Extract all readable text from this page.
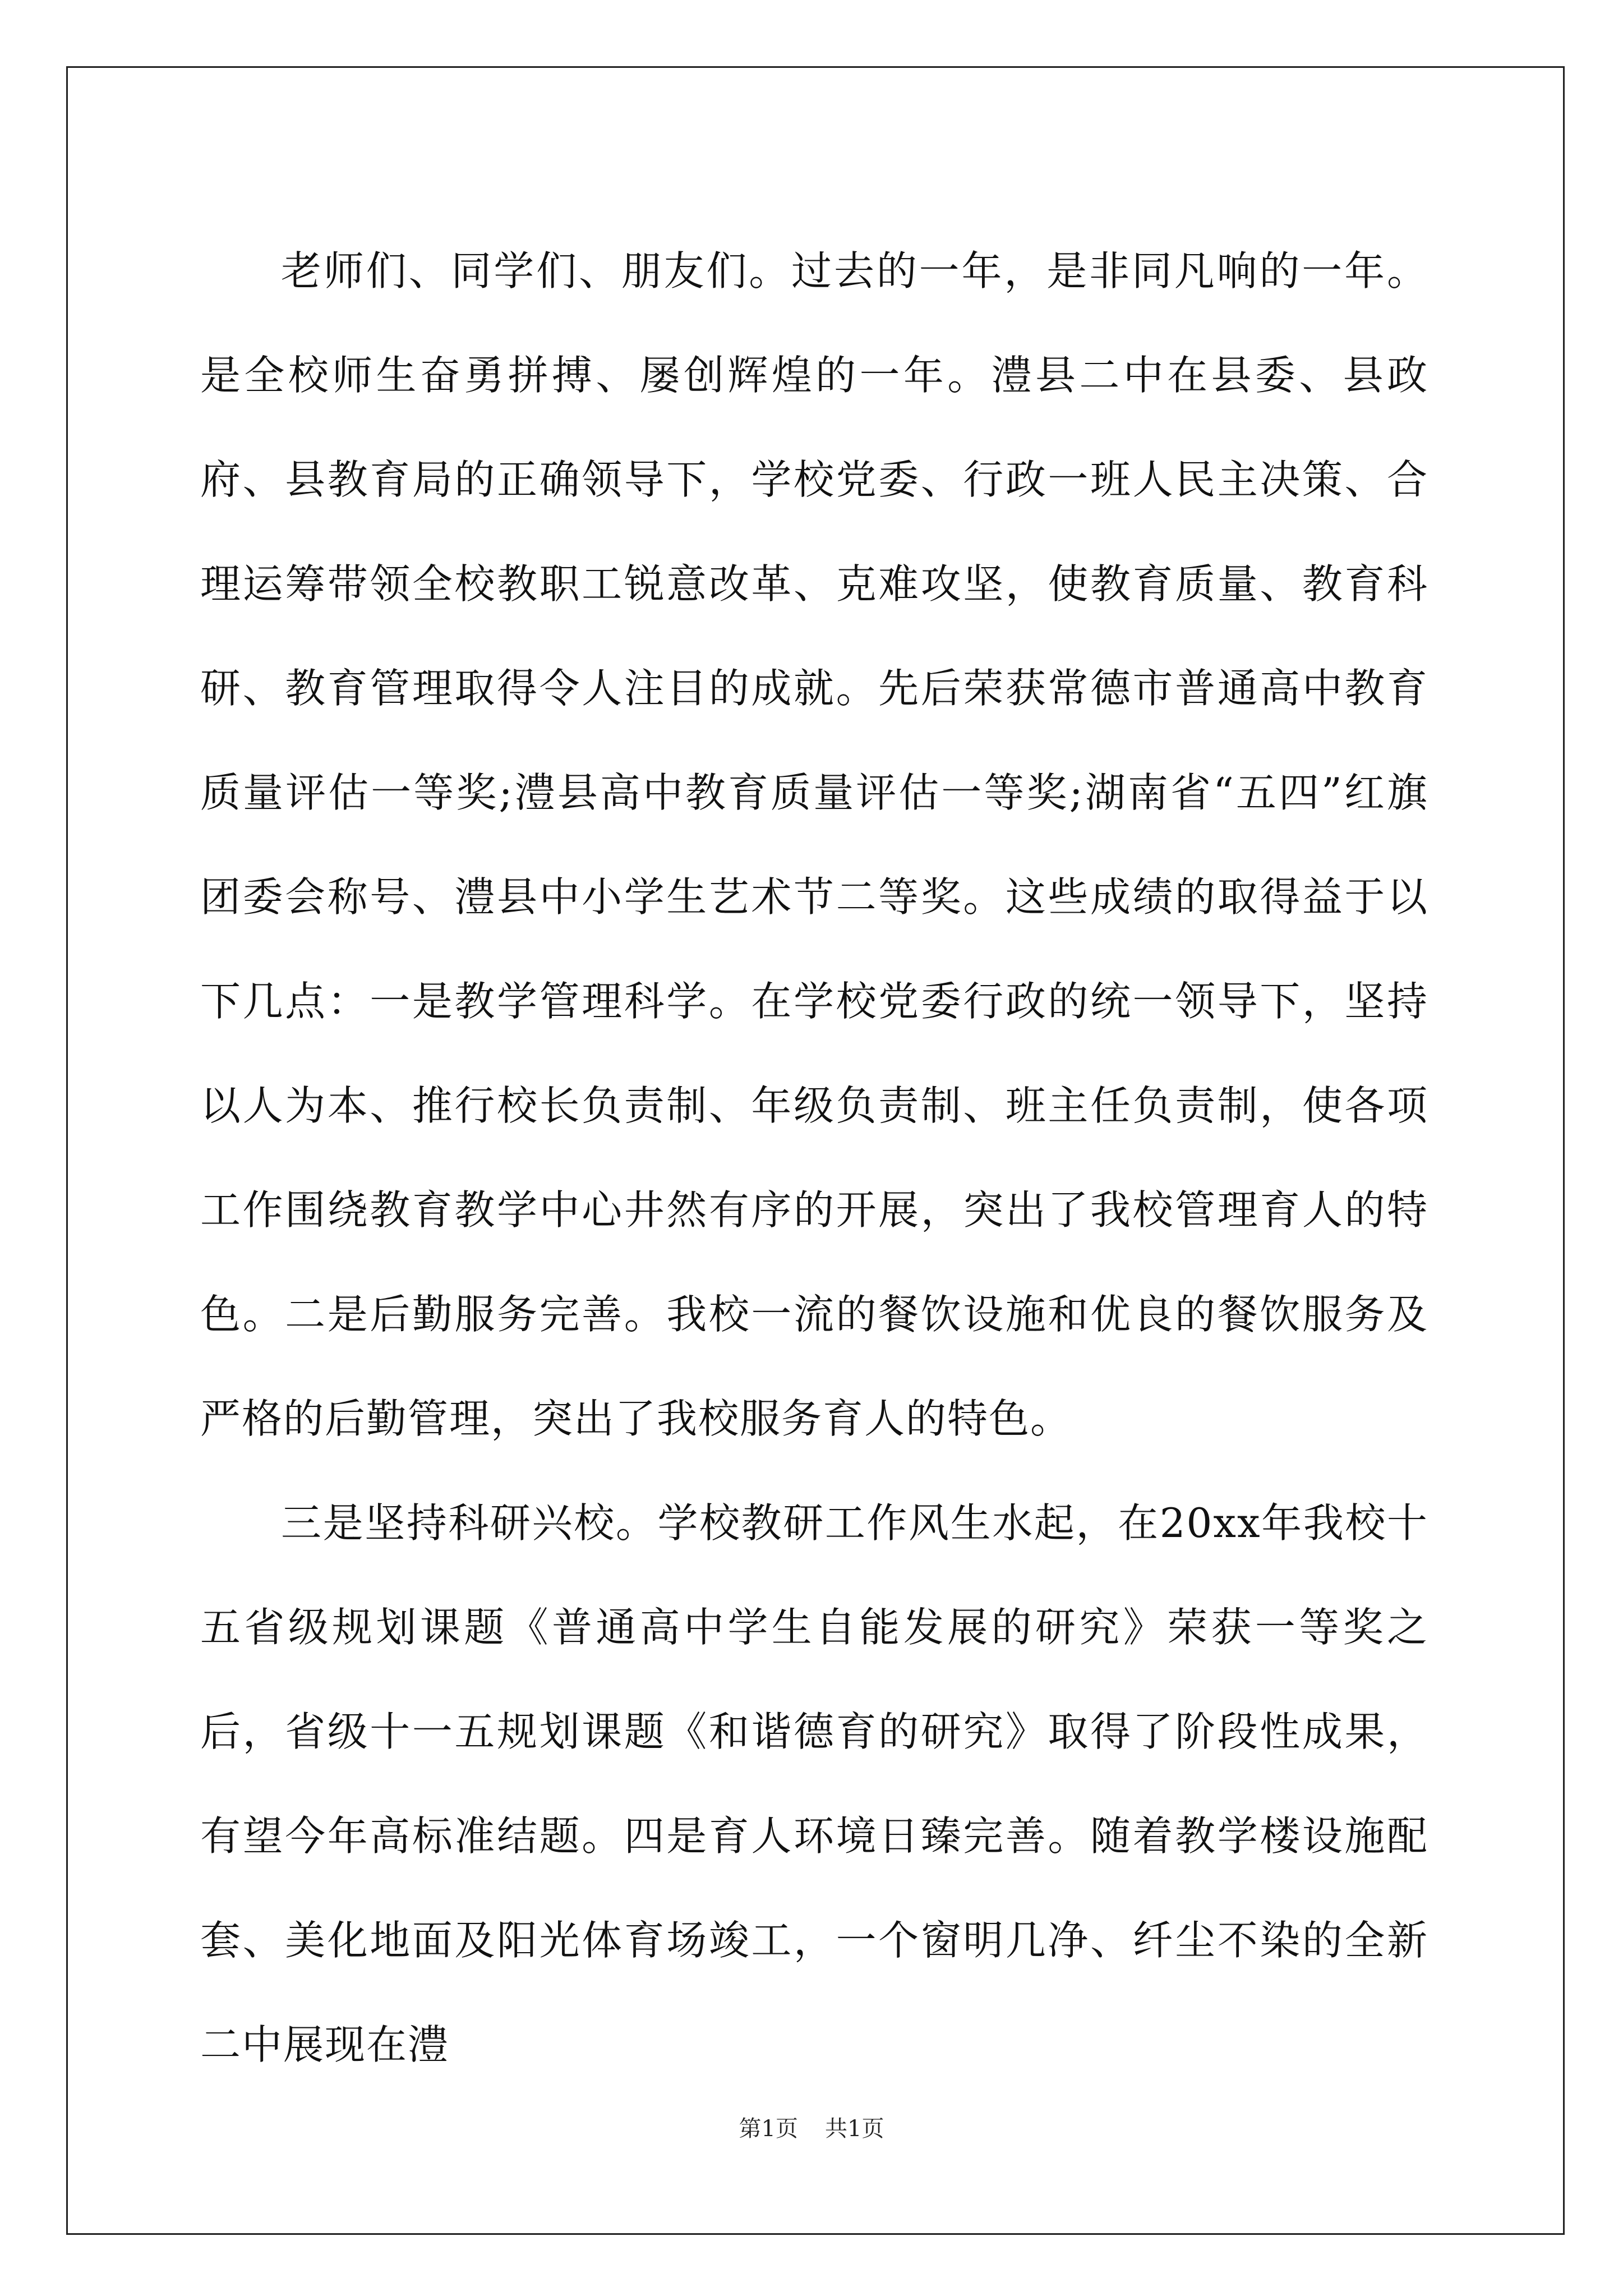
老师们、同学们、朋友们。过去的一年，是非同凡响的一年。是全校师生奋勇拼搏、屡创辉煌的一年。澧县二中在县委、县政府、县教育局的正确领导下，学校党委、行政一班人民主决策、合理运筹带领全校教职工锐意改革、克难攻坚，使教育质量、教育科研、教育管理取得令人注目的成就。先后荣获常德市普通高中教育质量评估一等奖;澧县高中教育质量评估一等奖;湖南省“五四”红旗团委会称号、澧县中小学生艺术节二等奖。这些成绩的取得益于以下几点：一是教学管理科学。在学校党委行政的统一领导下，坚持以人为本、推行校长负责制、年级负责制、班主任负责制，使各项工作围绕教育教学中心井然有序的开展，突出了我校管理育人的特色。二是后勤服务完善。我校一流的餐饮设施和优良的餐饮服务及严格的后勤管理，突出了我校服务育人的特色。

三是坚持科研兴校。学校教研工作风生水起，在20xx年我校十五省级规划课题《普通高中学生自能发展的研究》荣获一等奖之后，省级十一五规划课题《和谐德育的研究》取得了阶段性成果，有望今年高标准结题。四是育人环境日臻完善。随着教学楼设施配套、美化地面及阳光体育场竣工，一个窗明几净、纤尘不染的全新二中展现在澧

第1页 共1页
